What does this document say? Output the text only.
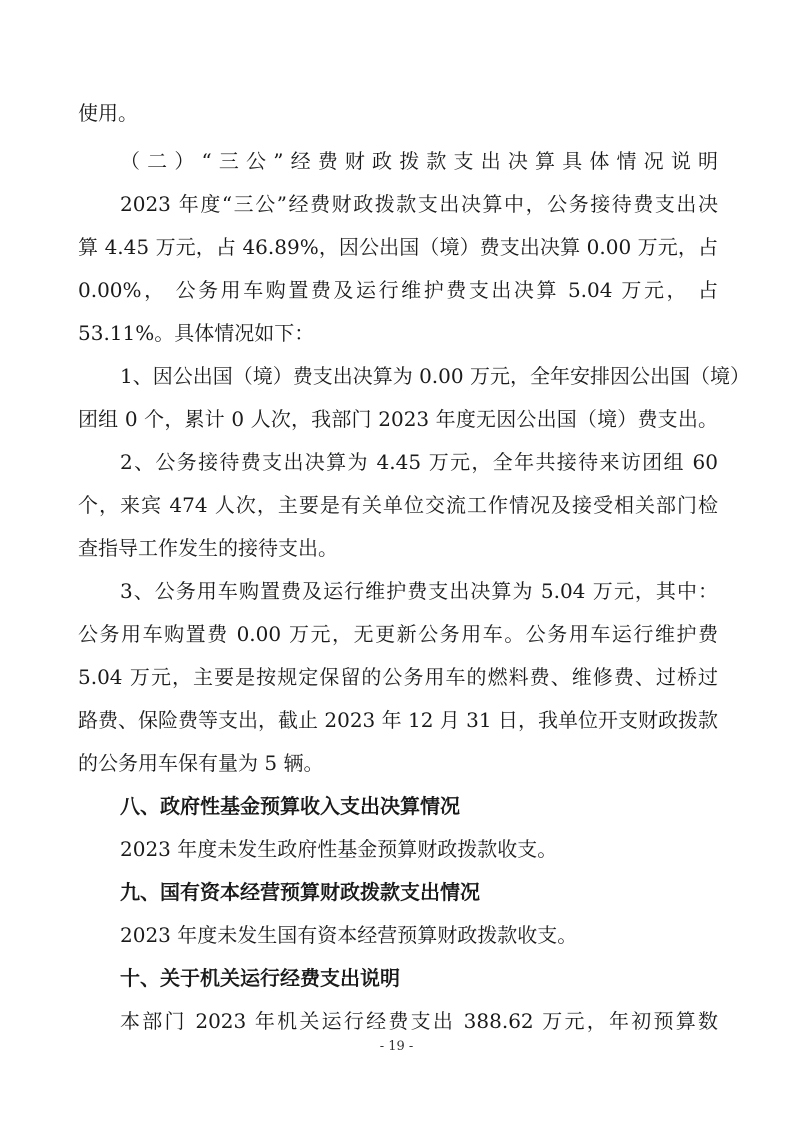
使用。
（二）“三公”经费财政拨款支出决算具体情况说明
2023 年度“三公”经费财政拨款支出决算中，公务接待费支出决
算 4.45 万元，占 46.89%，因公出国（境）费支出决算 0.00 万元，占
0.00%， 公务用车购置费及运行维护费支出决算 5.04 万元， 占
53.11%。具体情况如下：
1、因公出国（境）费支出决算为 0.00 万元，全年安排因公出国（境）
团组 0 个，累计 0 人次，我部门 2023 年度无因公出国（境）费支出。
2、公务接待费支出决算为 4.45 万元，全年共接待来访团组 60
个，来宾 474 人次，主要是有关单位交流工作情况及接受相关部门检
查指导工作发生的接待支出。
3、公务用车购置费及运行维护费支出决算为 5.04 万元，其中：
公务用车购置费 0.00 万元，无更新公务用车。公务用车运行维护费
5.04 万元，主要是按规定保留的公务用车的燃料费、维修费、过桥过
路费、保险费等支出，截止 2023 年 12 月 31 日，我单位开支财政拨款
的公务用车保有量为 5 辆。
八、政府性基金预算收入支出决算情况
2023 年度未发生政府性基金预算财政拨款收支。
九、国有资本经营预算财政拨款支出情况
2023 年度未发生国有资本经营预算财政拨款收支。
十、关于机关运行经费支出说明
本部门 2023 年机关运行经费支出 388.62 万元，年初预算数
- 19 -
